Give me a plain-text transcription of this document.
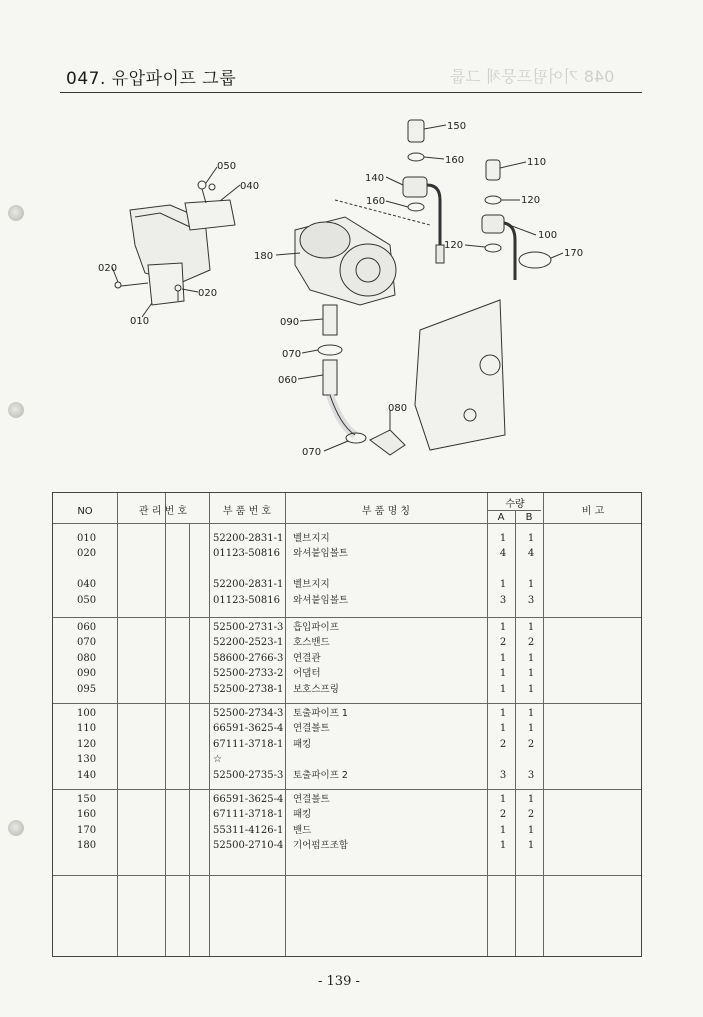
048 기어펌프뭉체 그룹
047. 유압파이프 그룹
050
040
020
020
010
180
150
160
140
160
110
120
120
100
170
090
070
060
080
070
NO	관 리 번 호	부 품 번 호	부 품 명 칭
수량
A	B
비 고
010	52200-2831-1	벨브지지	1	1
020	01123-50816	와셔붙임볼트	4	4
040	52200-2831-1	벨브지지	1	1
050	01123-50816	와셔붙임볼트	3	3
060	52500-2731-3	흡입파이프	1	1
070	52200-2523-1	호스밴드	2	2
080	58600-2766-3	연결관	1	1
090	52500-2733-2	어댑터	1	1
095	52500-2738-1	보호스프링	1	1
100	52500-2734-3	토출파이프 1	1	1
110	66591-3625-4	연결볼트	1	1
120	67111-3718-1	패킹	2	2
130	☆
140	52500-2735-3	토출파이프 2	3	3
150	66591-3625-4	연결볼트	1	1
160	67111-3718-1	패킹	2	2
170	55311-4126-1	밴드	1	1
180	52500-2710-4	기어펌프조합	1	1
- 139 -
